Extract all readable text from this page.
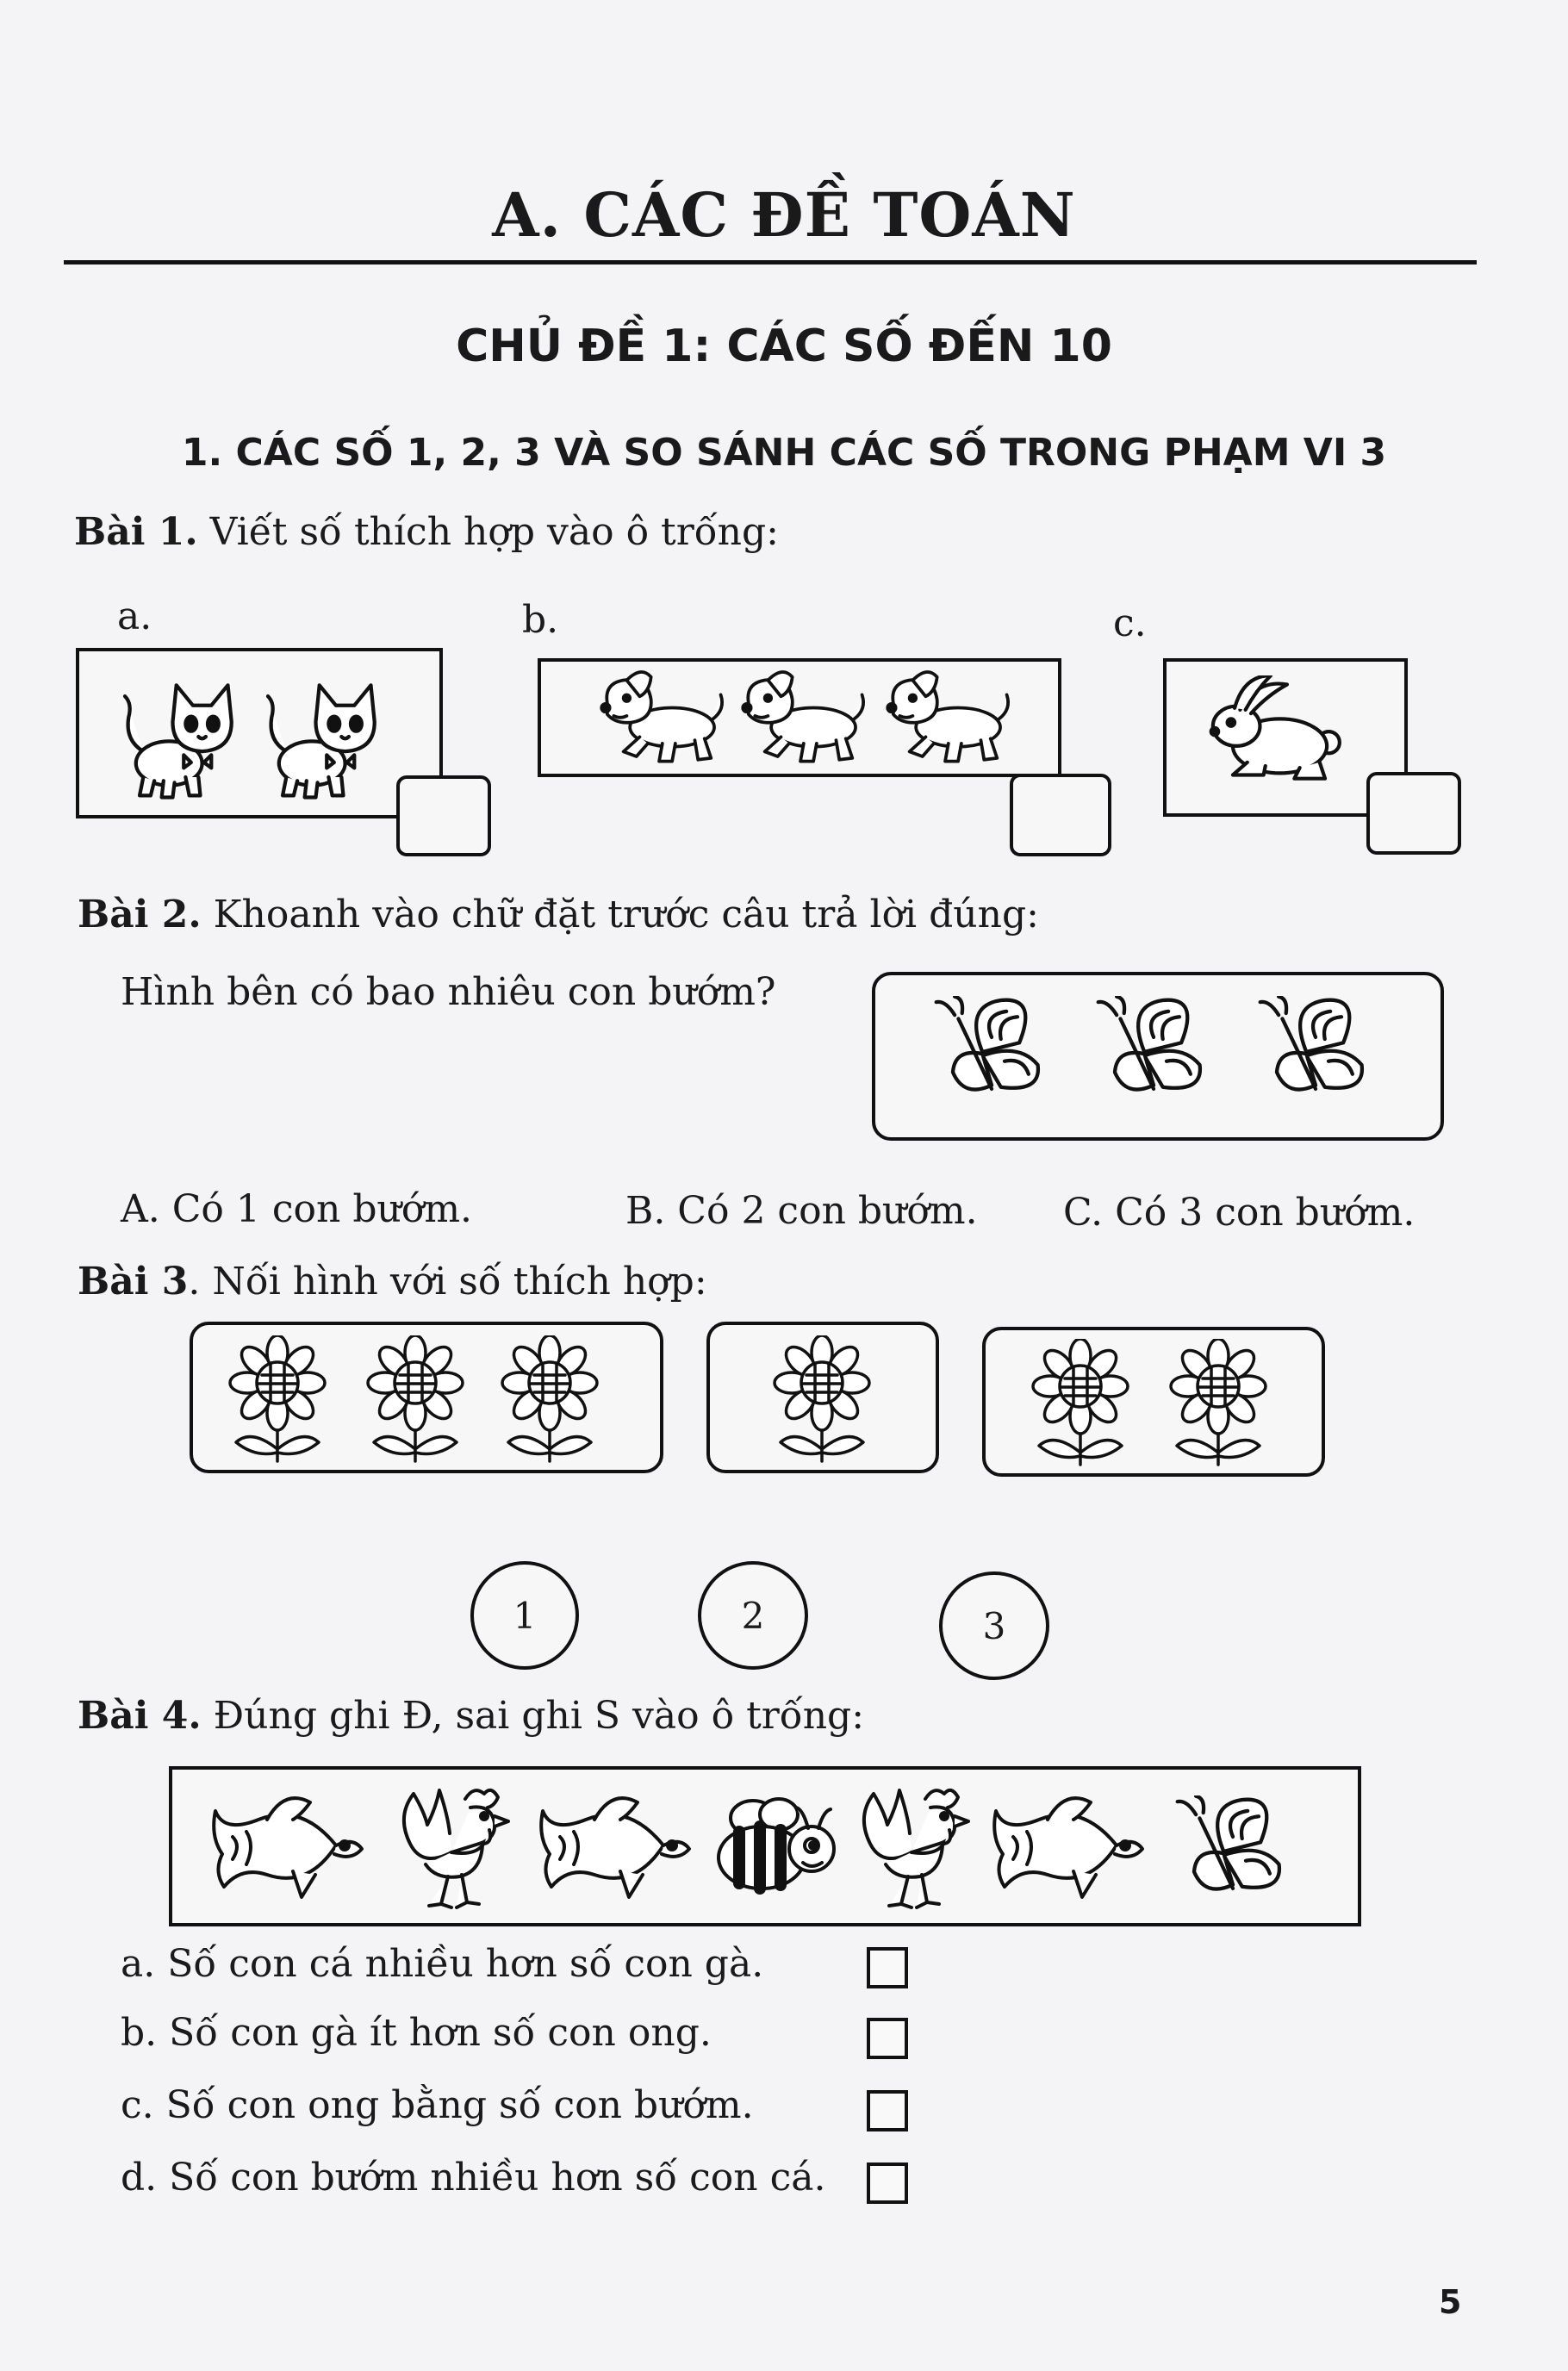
A. CÁC ĐỀ TOÁN
CHỦ ĐỀ 1: CÁC SỐ ĐẾN 10
1. CÁC SỐ 1, 2, 3 VÀ SO SÁNH CÁC SỐ TRONG PHẠM VI 3
Bài 1. Viết số thích hợp vào ô trống:
a.	b.	c.
Bài 2. Khoanh vào chữ đặt trước câu trả lời đúng:
Hình bên có bao nhiêu con bướm?
A. Có 1 con bướm.	B. Có 2 con bướm. C. Có 3 con bướm.
Bài 3. Nối hình với số thích hợp:
1	2	3
Bài 4. Đúng ghi Đ, sai ghi S vào ô trống:
a. Số con cá nhiều hơn số con gà.
b. Số con gà ít hơn số con ong.
c. Số con ong bằng số con bướm.
d. Số con bướm nhiều hơn số con cá.
5
